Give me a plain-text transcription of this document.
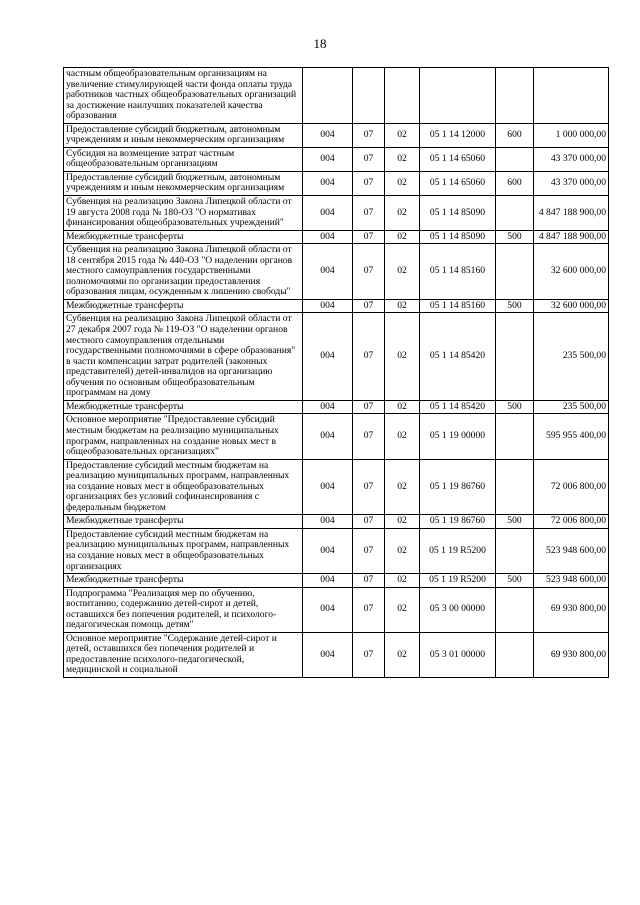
18
частным общеобразовательным организациям на увеличение стимулирующей части фонда оплаты труда работников частных общеобразовательных организаций за достижение наилучших показателей качества образования						
Предоставление субсидий бюджетным, автономным учреждениям и иным некоммерческим организациям	004	07	02	05 1 14 12000	600	1 000 000,00
Субсидия на возмещение затрат частным общеобразовательным организациям	004	07	02	05 1 14 65060		43 370 000,00
Предоставление субсидий бюджетным, автономным учреждениям и иным некоммерческим организациям	004	07	02	05 1 14 65060	600	43 370 000,00
Субвенция на реализацию Закона Липецкой области от 19 августа 2008 года № 180-ОЗ "О нормативах финансирования общеобразовательных учреждений"	004	07	02	05 1 14 85090		4 847 188 900,00
Межбюджетные трансферты	004	07	02	05 1 14 85090	500	4 847 188 900,00
Субвенция на реализацию Закона Липецкой области от 18 сентября 2015 года № 440-ОЗ "О наделении органов местного самоуправления государственными полномочиями по организации предоставления образования лицам, осужденным к лишению свободы"	004	07	02	05 1 14 85160		32 600 000,00
Межбюджетные трансферты	004	07	02	05 1 14 85160	500	32 600 000,00
Субвенция на реализацию Закона Липецкой области от 27 декабря 2007 года № 119-ОЗ "О наделении органов местного самоуправления отдельными государственными полномочиями в сфере образования" в части компенсации затрат родителей (законных представителей) детей-инвалидов на организацию обучения по основным общеобразовательным программам на дому	004	07	02	05 1 14 85420		235 500,00
Межбюджетные трансферты	004	07	02	05 1 14 85420	500	235 500,00
Основное мероприятие "Предоставление субсидий местным бюджетам на реализацию муниципальных программ, направленных на создание новых мест в общеобразовательных организациях"	004	07	02	05 1 19 00000		595 955 400,00
Предоставление субсидий местным бюджетам на реализацию муниципальных программ, направленных на создание новых мест в общеобразовательных организациях без условий софинансирования с федеральным бюджетом	004	07	02	05 1 19 86760		72 006 800,00
Межбюджетные трансферты	004	07	02	05 1 19 86760	500	72 006 800,00
Предоставление субсидий местным бюджетам на реализацию муниципальных программ, направленных на создание новых мест в общеобразовательных организациях	004	07	02	05 1 19 R5200		523 948 600,00
Межбюджетные трансферты	004	07	02	05 1 19 R5200	500	523 948 600,00
Подпрограмма "Реализация мер по обучению, воспитанию, содержанию детей-сирот и детей, оставшихся без попечения родителей, и психолого-педагогическая помощь детям"	004	07	02	05 3 00 00000		69 930 800,00
Основное мероприятие "Содержание детей-сирот и детей, оставшихся без попечения родителей и предоставление психолого-педагогической, медицинской и социальной	004	07	02	05 3 01 00000		69 930 800,00
